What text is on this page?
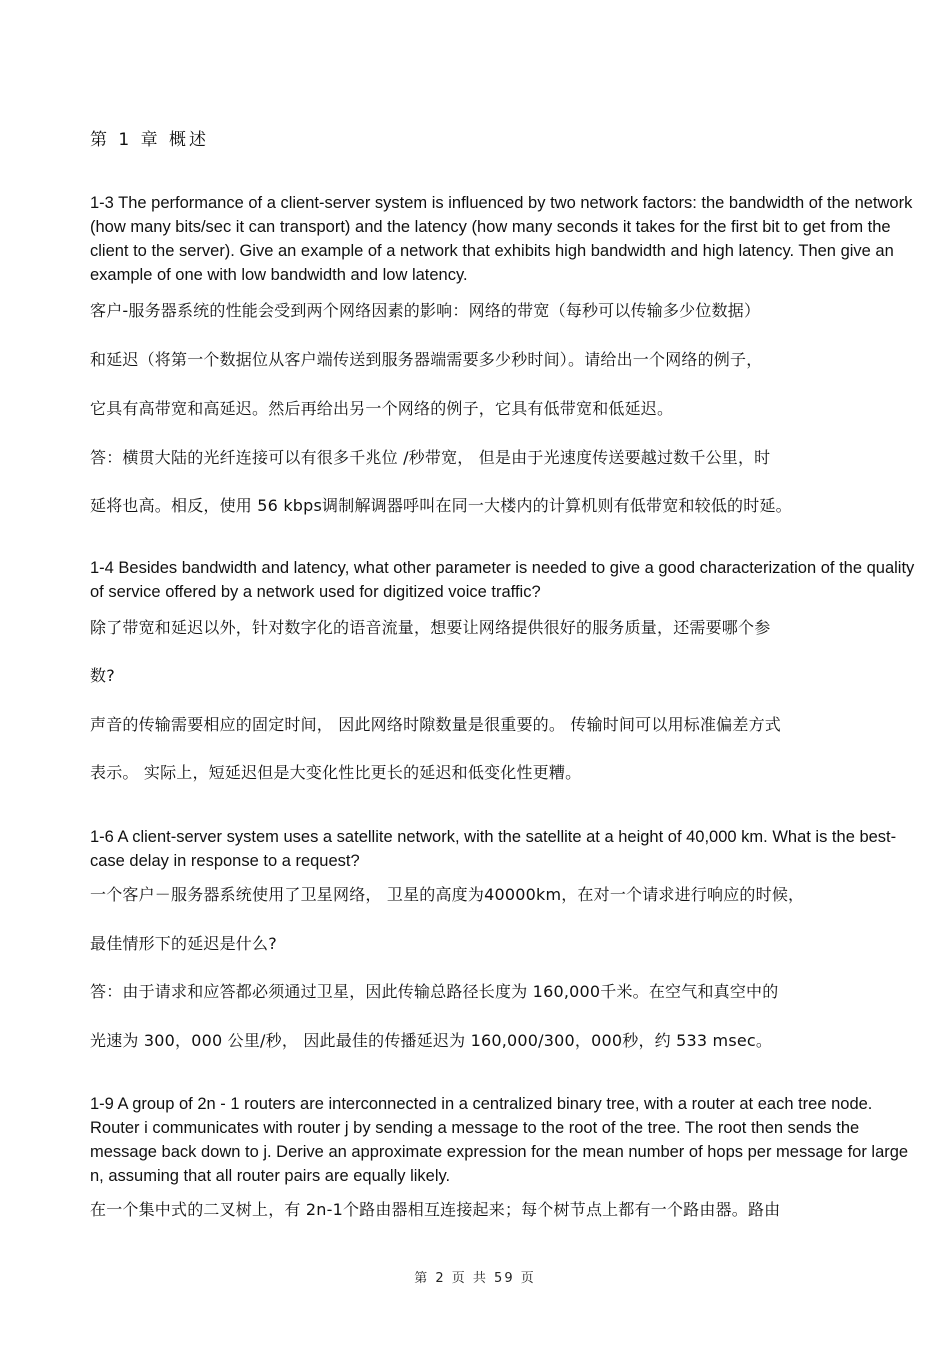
第 1 章 概述
1-3 The performance of a client-server system is influenced by two network factors: the bandwidth of the network (how many bits/sec it can transport) and the latency (how many seconds it takes for the first bit to get from the client to the server). Give an example of a network that exhibits high bandwidth and high latency. Then give an example of one with low bandwidth and low latency.
客户-服务器系统的性能会受到两个网络因素的影响：网络的带宽（每秒可以传输多少位数据）
和延迟（将第一个数据位从客户端传送到服务器端需要多少秒时间）。请给出一个网络的例子，
它具有高带宽和高延迟。然后再给出另一个网络的例子，它具有低带宽和低延迟。
答：横贯大陆的光纤连接可以有很多千兆位 /秒带宽， 但是由于光速度传送要越过数千公里，时
延将也高。相反，使用 56 kbps调制解调器呼叫在同一大楼内的计算机则有低带宽和较低的时延。
1-4 Besides bandwidth and latency, what other parameter is needed to give a good characterization of the quality of service offered by a network used for digitized voice traffic?
除了带宽和延迟以外，针对数字化的语音流量，想要让网络提供很好的服务质量，还需要哪个参
数?
声音的传输需要相应的固定时间， 因此网络时隙数量是很重要的。 传输时间可以用标准偏差方式
表示。 实际上，短延迟但是大变化性比更长的延迟和低变化性更糟。
1-6 A client-server system uses a satellite network, with the satellite at a height of 40,000 km. What is the best-case delay in response to a request?
一个客户－服务器系统使用了卫星网络， 卫星的高度为40000km，在对一个请求进行响应的时候，
最佳情形下的延迟是什么?
答：由于请求和应答都必须通过卫星，因此传输总路径长度为 160,000千米。在空气和真空中的
光速为 300，000 公里/秒， 因此最佳的传播延迟为 160,000/300，000秒，约 533 msec。
1-9 A group of 2n - 1 routers are interconnected in a centralized binary tree, with a router at each tree node. Router i communicates with router j by sending a message to the root of the tree. The root then sends the message back down to j. Derive an approximate expression for the mean number of hops per message for large n, assuming that all router pairs are equally likely.
在一个集中式的二叉树上，有 2n-1个路由器相互连接起来；每个树节点上都有一个路由器。路由
第 2 页 共 59 页
